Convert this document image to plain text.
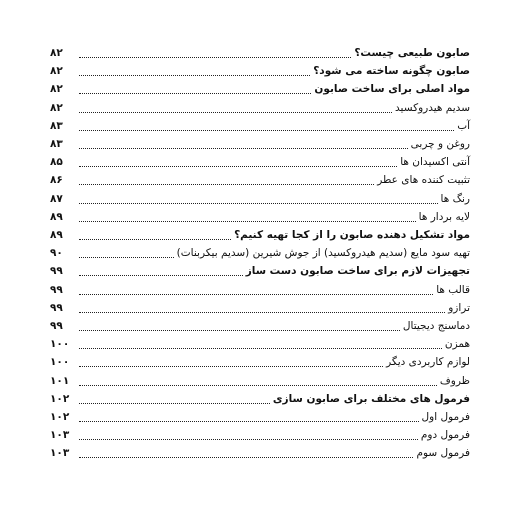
صابون طبیعی چیست؟
۸۲
صابون چگونه ساخته می شود؟
۸۲
مواد اصلی برای ساخت صابون
۸۲
سدیم هیدروکسید
۸۲
آب
۸۳
روغن و چربی
۸۳
آنتی اکسیدان ها
۸۵
تثبیت کننده های عطر
۸۶
رنگ ها
۸۷
لایه بردار ها
۸۹
مواد تشکیل دهنده صابون را از کجا تهیه کنیم؟
۸۹
تهیه سود مایع (سدیم هیدروکسید) از جوش شیرین (سدیم بیکربنات)
۹۰
تجهیزات لازم برای ساخت صابون دست ساز
۹۹
قالب ها
۹۹
ترازو
۹۹
دماسنج دیجیتال
۹۹
همزن
۱۰۰
لوازم کاربردی دیگر
۱۰۰
ظروف
۱۰۱
فرمول های مختلف برای صابون سازی
۱۰۲
فرمول اول
۱۰۲
فرمول دوم
۱۰۳
فرمول سوم
۱۰۳
